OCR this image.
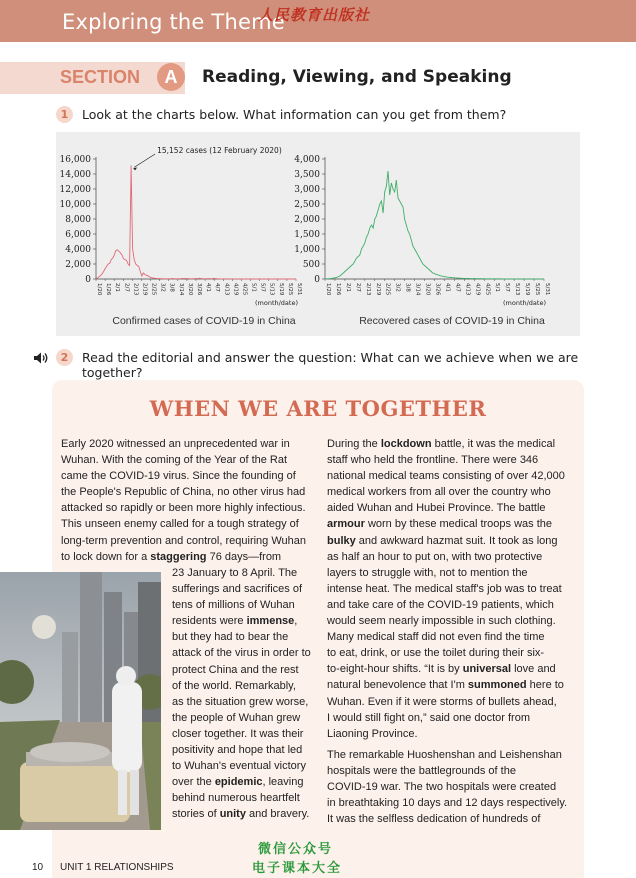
Exploring the Theme
人民教育出版社
SECTION	A	Reading, Viewing, and Speaking
1	Look at the charts below. What information can you get from them?
0
2,000
4,000
6,000
8,000
10,000
12,000
14,000
16,000
1/20 1/26 2/1 2/7 2/13 2/19 2/25 3/2 3/8 3/14 3/20 3/26 4/1 4/7 4/13 4/19 4/25 5/1 5/7 5/13 5/19 5/25 5/31
(month/date)
Confirmed cases of COVID-19 in China
15,152 cases (12 February 2020)
0
500
1,000
1,500
2,000
2,500
3,000
3,500
4,000
1/20 1/26 2/1 2/7 2/13 2/19 2/25 3/2 3/8 3/14 3/20 3/26 4/1 4/7 4/13 4/19 4/25 5/1 5/7 5/13 5/19 5/25 5/31
(month/date)
Recovered cases of COVID-19 in China
2	Read the editorial and answer the question: What can we achieve when we are together?
WHEN WE ARE TOGETHER
Early 2020 witnessed an unprecedented war in
Wuhan. With the coming of the Year of the Rat
came the COVID-19 virus. Since the founding of
the People's Republic of China, no other virus had
attacked so rapidly or been more highly infectious.
This unseen enemy called for a tough strategy of
long-term prevention and control, requiring Wuhan
to lock down for a staggering 76 days—from
23 January to 8 April. The
sufferings and sacrifices of
tens of millions of Wuhan
residents were immense,
but they had to bear the
attack of the virus in order to
protect China and the rest
of the world. Remarkably,
as the situation grew worse,
the people of Wuhan grew
closer together. It was their
positivity and hope that led
to Wuhan's eventual victory
over the epidemic, leaving
behind numerous heartfelt
stories of unity and bravery.
During the lockdown battle, it was the medical
staff who held the frontline. There were 346
national medical teams consisting of over 42,000
medical workers from all over the country who
aided Wuhan and Hubei Province. The battle
armour worn by these medical troops was the
bulky and awkward hazmat suit. It took as long
as half an hour to put on, with two protective
layers to struggle with, not to mention the
intense heat. The medical staff's job was to treat
and take care of the COVID-19 patients, which
would seem nearly impossible in such clothing.
Many medical staff did not even find the time
to eat, drink, or use the toilet during their six-
to-eight-hour shifts. “It is by universal love and
natural benevolence that I'm summoned here to
Wuhan. Even if it were storms of bullets ahead,
I would still fight on,” said one doctor from
Liaoning Province.
The remarkable Huoshenshan and Leishenshan
hospitals were the battlegrounds of the
COVID-19 war. The two hospitals were created
in breathtaking 10 days and 12 days respectively.
It was the selfless dedication of hundreds of
10 UNIT 1 RELATIONSHIPS
微信公众号
电子课本大全
